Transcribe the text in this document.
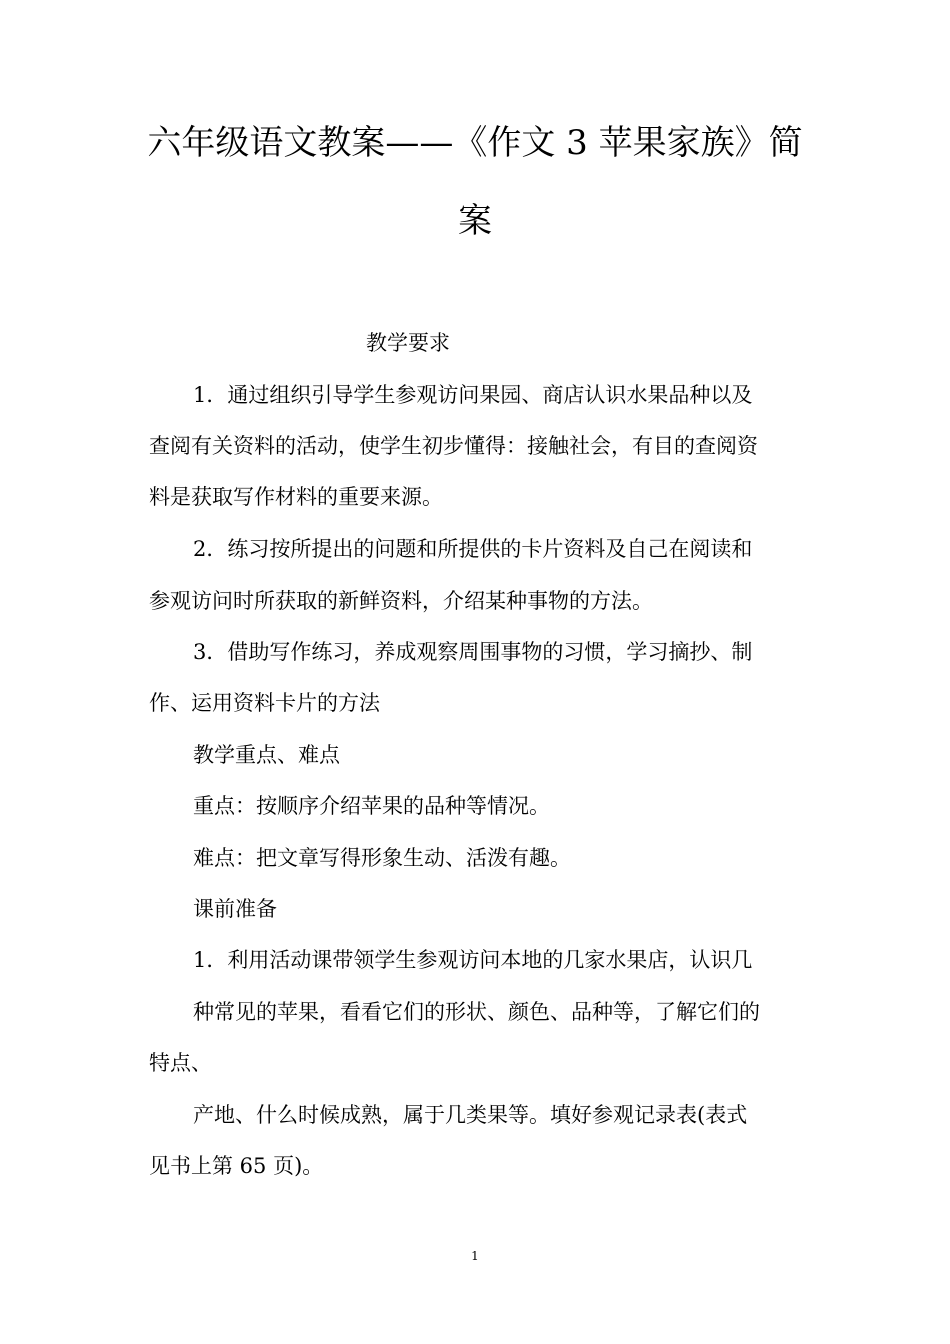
六年级语文教案——《作文 3 苹果家族》简
案
教学要求
1．通过组织引导学生参观访问果园、商店认识水果品种以及
查阅有关资料的活动，使学生初步懂得：接触社会，有目的查阅资
料是获取写作材料的重要来源。
2．练习按所提出的问题和所提供的卡片资料及自己在阅读和
参观访问时所获取的新鲜资料，介绍某种事物的方法。
3．借助写作练习，养成观察周围事物的习惯，学习摘抄、制
作、运用资料卡片的方法
教学重点、难点
重点：按顺序介绍苹果的品种等情况。
难点：把文章写得形象生动、活泼有趣。
课前准备
1．利用活动课带领学生参观访问本地的几家水果店，认识几
种常见的苹果，看看它们的形状、颜色、品种等，了解它们的
特点、
产地、什么时候成熟，属于几类果等。填好参观记录表(表式
见书上第 65 页)。
1
